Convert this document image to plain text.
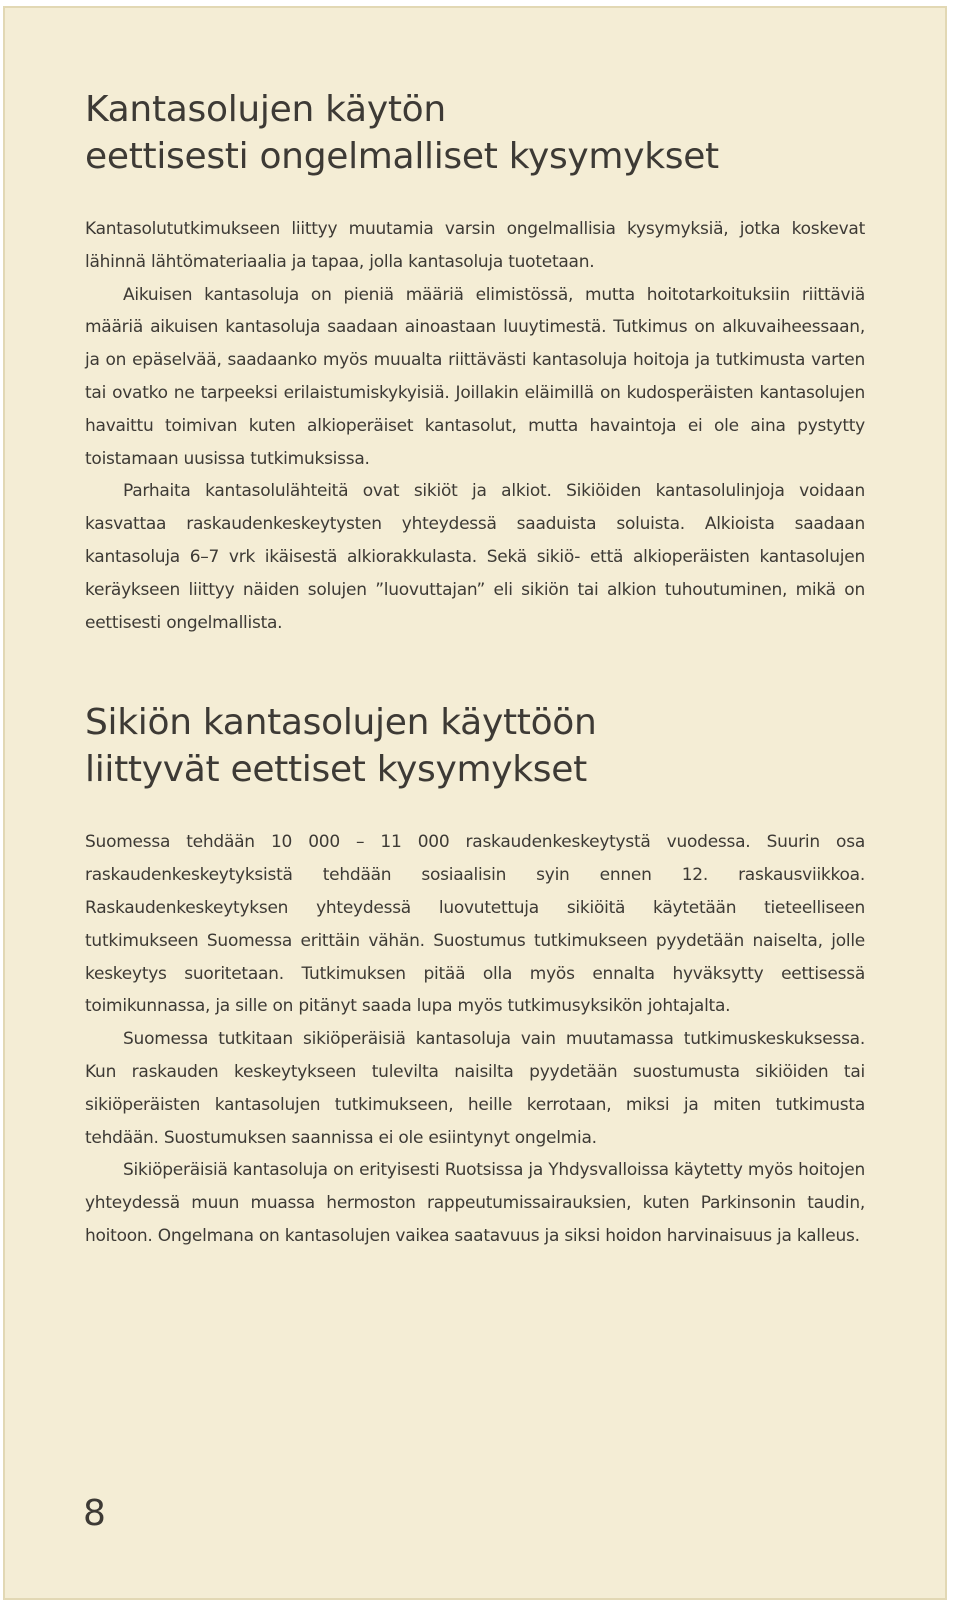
Kantasolujen käytön
eettisesti ongelmalliset kysymykset

Kantasolututkimukseen liittyy muutamia varsin ongelmallisia kysymyksiä, jotka koskevat lähinnä lähtömateriaalia ja tapaa, jolla kantasoluja tuotetaan.

Aikuisen kantasoluja on pieniä määriä elimistössä, mutta hoitotarkoituksiin riittäviä määriä aikuisen kantasoluja saadaan ainoastaan luuytimestä. Tutkimus on alkuvaiheessaan, ja on epäselvää, saadaanko myös muualta riittävästi kantasoluja hoitoja ja tutkimusta varten tai ovatko ne tarpeeksi erilaistumiskykyisiä. Joillakin eläimillä on kudosperäisten kantasolujen havaittu toimivan kuten alkioperäiset kantasolut, mutta havaintoja ei ole aina pystytty toistamaan uusissa tutkimuksissa.

Parhaita kantasolulähteitä ovat sikiöt ja alkiot. Sikiöiden kantasolulinjoja voidaan kasvattaa raskaudenkeskeytysten yhteydessä saaduista soluista. Alkioista saadaan kantasoluja 6–7 vrk ikäisestä alkiorakkulasta. Sekä sikiö- että alkioperäisten kantasolujen keräykseen liittyy näiden solujen ”luovuttajan” eli sikiön tai alkion tuhoutuminen, mikä on eettisesti ongelmallista.

Sikiön kantasolujen käyttöön
liittyvät eettiset kysymykset

Suomessa tehdään 10 000 – 11 000 raskaudenkeskeytystä vuodessa. Suurin osa raskaudenkeskeytyksistä tehdään sosiaalisin syin ennen 12. raskausviikkoa. Raskaudenkeskeytyksen yhteydessä luovutettuja sikiöitä käytetään tieteelliseen tutkimukseen Suomessa erittäin vähän. Suostumus tutkimukseen pyydetään naiselta, jolle keskeytys suoritetaan. Tutkimuksen pitää olla myös ennalta hyväksytty eettisessä toimikunnassa, ja sille on pitänyt saada lupa myös tutkimusyksikön johtajalta.

Suomessa tutkitaan sikiöperäisiä kantasoluja vain muutamassa tutkimuskeskuksessa. Kun raskauden keskeytykseen tulevilta naisilta pyydetään suostumusta sikiöiden tai sikiöperäisten kantasolujen tutkimukseen, heille kerrotaan, miksi ja miten tutkimusta tehdään. Suostumuksen saannissa ei ole esiintynyt ongelmia.

Sikiöperäisiä kantasoluja on erityisesti Ruotsissa ja Yhdysvalloissa käytetty myös hoitojen yhteydessä muun muassa hermoston rappeutumissairauksien, kuten Parkinsonin taudin, hoitoon. Ongelmana on kantasolujen vaikea saatavuus ja siksi hoidon harvinaisuus ja kalleus.

8
